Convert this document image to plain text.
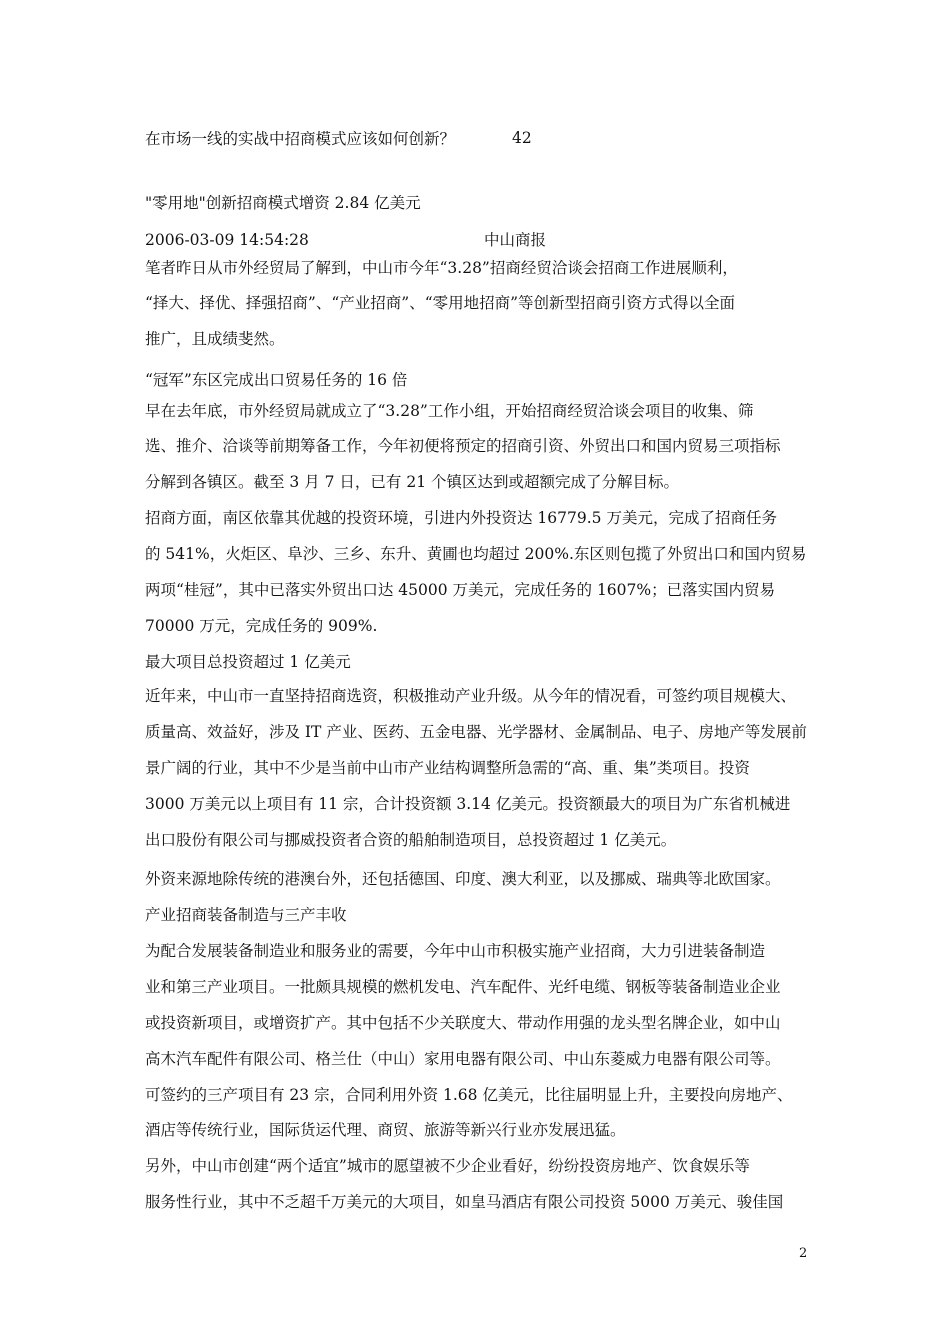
在市场一线的实战中招商模式应该如何创新？	42

"零用地"创新招商模式增资 2.84 亿美元

2006-03-09 14:54:28	中山商报

笔者昨日从市外经贸局了解到，中山市今年“3.28”招商经贸洽谈会招商工作进展顺利，

“择大、择优、择强招商”、“产业招商”、“零用地招商”等创新型招商引资方式得以全面

推广，且成绩斐然。

“冠军”东区完成出口贸易任务的 16 倍

早在去年底，市外经贸局就成立了“3.28”工作小组，开始招商经贸洽谈会项目的收集、筛

选、推介、洽谈等前期筹备工作，今年初便将预定的招商引资、外贸出口和国内贸易三项指标

分解到各镇区。截至 3 月 7 日，已有 21 个镇区达到或超额完成了分解目标。

招商方面，南区依靠其优越的投资环境，引进内外投资达 16779.5 万美元，完成了招商任务

的 541%，火炬区、阜沙、三乡、东升、黄圃也均超过 200%.东区则包揽了外贸出口和国内贸易

两项“桂冠”，其中已落实外贸出口达 45000 万美元，完成任务的 1607%；已落实国内贸易

70000 万元，完成任务的 909%.

最大项目总投资超过 1 亿美元

近年来，中山市一直坚持招商选资，积极推动产业升级。从今年的情况看，可签约项目规模大、

质量高、效益好，涉及 IT 产业、医药、五金电器、光学器材、金属制品、电子、房地产等发展前

景广阔的行业，其中不少是当前中山市产业结构调整所急需的“高、重、集”类项目。投资

3000 万美元以上项目有 11 宗，合计投资额 3.14 亿美元。投资额最大的项目为广东省机械进

出口股份有限公司与挪威投资者合资的船舶制造项目，总投资超过 1 亿美元。

外资来源地除传统的港澳台外，还包括德国、印度、澳大利亚，以及挪威、瑞典等北欧国家。

产业招商装备制造与三产丰收

为配合发展装备制造业和服务业的需要，今年中山市积极实施产业招商，大力引进装备制造

业和第三产业项目。一批颇具规模的燃机发电、汽车配件、光纤电缆、钢板等装备制造业企业

或投资新项目，或增资扩产。其中包括不少关联度大、带动作用强的龙头型名牌企业，如中山

高木汽车配件有限公司、格兰仕（中山）家用电器有限公司、中山东菱威力电器有限公司等。

可签约的三产项目有 23 宗，合同利用外资 1.68 亿美元，比往届明显上升，主要投向房地产、

酒店等传统行业，国际货运代理、商贸、旅游等新兴行业亦发展迅猛。

另外，中山市创建“两个适宜”城市的愿望被不少企业看好，纷纷投资房地产、饮食娱乐等

服务性行业，其中不乏超千万美元的大项目，如皇马酒店有限公司投资 5000 万美元、骏佳国

2
